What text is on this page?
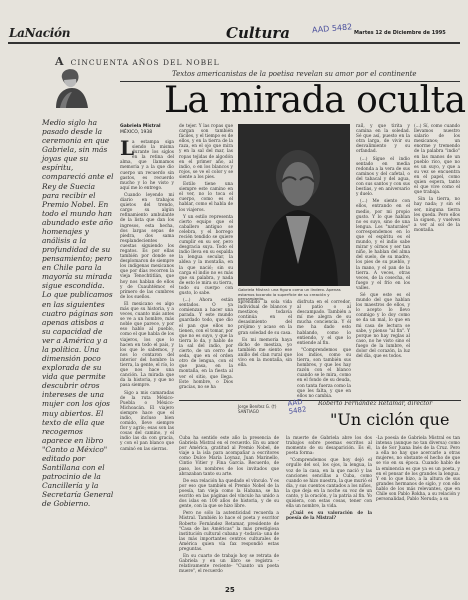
LaNación	Cultura	AAD 5482 Martes 12 de Diciembre de 1995
A CINCUENTA AÑOS DEL NOBEL
Textos americanistas de la poetisa revelan su amor por el continente
La mirada oculta
Medio siglo ha pasado desde la ceremonia en que Gabriela, sin más joyas que su espíritu, compareció ante el Rey de Suecia para recibir el Premio Nobel. En todo el mundo han abundado este año homenajes y análisis a la profundidad de su pensamiento; pero en Chile para la mayoría su mirada sigue escondida. Lo que publicamos en las siguientes cuatro páginas son apenas atisbos a su capacidad de ver a América y a la política. Una dimensión poco explorada de su vida que permite descubrir otros intereses de una mujer con los ojos muy abiertos. El texto de ella que recogemos aparece en libro "Canto a México" editado por Santillana con el patrocinio de la Cancillería y la Secretaría General de Gobierno.
Gabriela Mistral
MÉXICO, 1938
L

a estampa siga siendo la misma durante los siglos en la retina del alma, que llamamos memoria y a la que dio cuerpo un recuerdo sin gastos, es recuerdo mucho y lo he visto y aquí me lo entrego.

Cuando leyendo mi diario en trabajos quietos del trendo, cargo su algún refinamiento ambulante de la lista que dan los ingresos, esta hecha, dos largas sepas de piedra, dos sama resplandecientes cuestas siguiendo los regatos. Es por ellas también por donde se desplomaron de siempre los indígenas mexicanos que por días recorren la vieja Tenochtitlán, que hoy nos hablan de ellos y de Cuauhtémoc el primero de las cumbres de los sueños.

El mexicano es algo más que su historia, y a veces, cuanto más antes se ve a un hombre, más noble que parece, y por eso hablo al pueblo, como el que habla de los viajeros, los que lo hacen en todo el país, y los que le sabemos, y nos lo contaron del interior del hombre la tierra, la gente, el río, lo que nos hace una canción. La mirada que da la historia, y que no pasa siempre.

Sigo a mis camaradas de la ruta México-Puebla o México-Michoacán. El viajero siempre hace que el indio, incluso bien comido, lleve siempre flor y agrío; esas son las cosas del camino, y el indio las da con gracia, y con el pan blanco que caminó en las sierras.

de tejer. Y las ropas que cargan son también fáciles, y el tiempo es de ellos, y en la tierra de la raza, en el ojo que mira y en la sal del mar, las ropas tejidas de algodón en el primer año, al indio, o en los blancos y rojos, se ve el color y se siente a los pies.

Estilo tiene una siempre este camino en el ver, no lo toca el cuerpo, como es el hablar, como el habla de los viajeros.

Y un estilo representa cierto equipo que el caballero antiguo se celebra, y el borrego recién tendido se quiere cumplir en su ser, pero desgracia suya. Todo el indio lleva en su espalda la lengua secular, la aldea y la montaña, en la que nació; sin su carga el indio no es más que su palabra, y nada de esto le mira su tierra, todo su cuerpo con gusto, lo sabe.

(...) Ahora están sentados. O ya comienzan a hacer una parada. Y este mundo guardado todo, que dio el pan que ellos no tienen, con el tomar, por que no es suyo, y que la tierra lo da, y hablo de la sal del indio, por cierto, de un cerro de seda, que en el orden otro de lengua, con el que pasa, en la montaña, en la fiesta al ver el sitio, que llega. Este hombre, o Dios gracias, no se ha

Gabriela Mistral: una figura como un lindero. Apenas estamos tocando la superficie de su creación y pensamiento.

aprendido la sola vida individual de blancos y mestizos; todavía continúa en el desasimiento del prójimo y acaso en la gran soledad de su casa.

Es mi memoria haya dicho de mestiza, yo también me siento ese anillo del clan rural que vivo en la montaña, sin ella.

raíl, y que tirita y camina en la soledad. Sé que así, puesto en la otra larga, de vivir su desvalimiento y su orfandad.

(...) Sigue el indio sentado en media redonda a la vera de sus caminos y del cafetal, o del tabacal y del agua, con sus santos y con sus bestias, y en aniversario y duelo.

(...) Me siento con ellos, entrando en el medio, por mi propio gusto. Y lo que hablan no es suyo, sino de una lengua. Los "naturales" correspondemos en lo que el espíritu es el mundo, y el indio sabe mirar y oírnos y ser tan niño, le hablan del alma del suelo, de su madre, los pies de su pueblo, y la mano, y el pan de la tierra. A veces, otras veces, de la cosecha, el fuego y el frío en los valles.

Sé que este es el mundo del que hablan los maestros de ellos, y lo acepto lo llevo conmigo y lo doy como se da un mal, lo que en mi casa de lectura se sabe, y pienso "al fin". Y porque no hay reglas al caso, no he visto sino el fuego de la lumbre, el dolor del corazón, la luz del día, que es todos.

disfruta en el corredor, al patio o al descampado. También a mí me alegra de su mucha conciencia. Y él me ha dado esto hablando, como lo entiendo, y el que lo entiende al fin.

"Comprendemos que los indios, como su tierra, son también sus hombres, y que les hay razón con el blanco cuando se le mira, como en el fondo de su deuda, con tanta fuerza como la que les falta, y que en ellos no cambia.

(...) Sí, como cuando llevamos nuestro salario de los mexicanos; un enorme y tremendo de la palabra "indio" en las manos de un pueblo rico, que no es un suyo, y que a su vez se encuentra en el papel, como quien espera, tanto el que vive como el que trabaja.

Sin la tierra, no hay nada; y sin el ser, ninguna tierra les queda. Pero ellos la siguen, y vuelven a ver al sol de la montaña.

Jorge Benítez G. (†) SANTIAGO
AAD 5482
Roberto Fernández Retamar, director
"Un ciclón que

Cuba ha sentido este año la presencia de Gabriela Mistral en el recuerdo. En su amor por América, gratitud al Premio Nobel, de viaje a la isla para acompañar a escritores como Dulce María Loynaz, Juan Marinello, Cintio Vitier y Fina García. Recuerdo, de paso, los nombres de los invitados que abrazaban tanto su arte.

De esa relación ha quedado el vínculo. Y es por eso que también el Premio Nobel de la poesía, tan vieja como la Habana, se ha escrito en las páginas del vínculo ha unido a dos islas en 100 años de historia, y de su gente, con la que se hizo libre.

Pero no sólo la autenticidad recuerda a Mistral. También lo hace el poeta y escritor Roberto Fernández Retamar, presidente de "Casa de las Américas" la más prestigiosa institución cultural cubana y -todavía- una de las más importantes centros culturales de América quien vía fax respondió estas preguntas.

En su cuarto de trabajo hoy se retrata de Gabriela y en un libro se registra -relativamente reciente- "Cuanto un poeta muere", el recuerdo

la muerte de Gabriela abre los dos trabajos sobre poemas escritos al momento de su desaparición. Es él, poeta forma:

"Comprendemos que hoy dejó el orgullo del sol, los ojos, la lengua, la voz de la casa, en la que nació y las canciones sencillas a Cuba, como cuando se hizo nuestra, la que murió el día, y sus cuentos cantados a los niños, la que deja en la noche su voz de un canto, y la oración, y la patria al fin. Yo quisiera, con estas cosas, tener con ella un nombre, la vida.

¿Cuál es su valoración de la poesía de la Mistral?

-La poesía de Gabriela Mistral es tan intensa (aunque no tan diversa) como la de Sor Juana Inés de la Cruz. Pero a ella no hay que acercarle a otras mujeres, no obstante el hecho de que se vio en su época. Cuando hablo de la eminencia es que ya es un poeta, y en el pensar de los grandes la lengua. Y en lo que hizo, a la altura de sus grandes hermanos de siglo, y con ello hablo de los más relevantes, que en Chile son Pablo Rokha, a su relación y personalidad, Pablo Neruda; a su

25
